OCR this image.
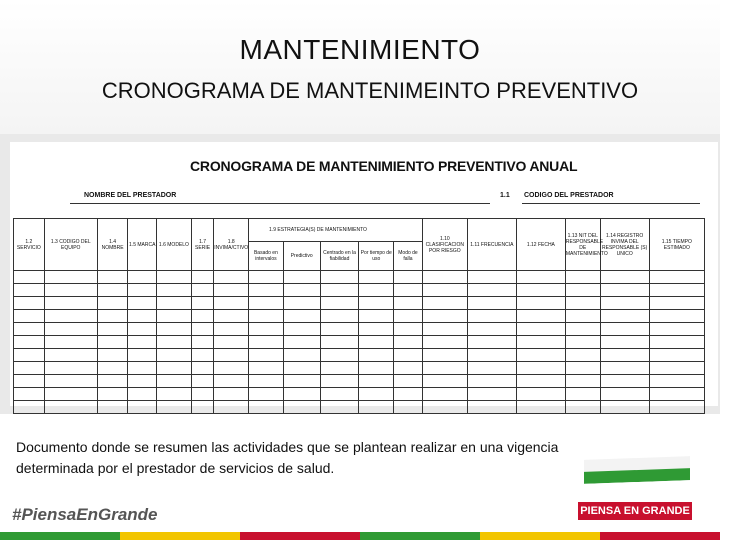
MANTENIMIENTO
CRONOGRAMA DE MANTENIMEINTO PREVENTIVO
CRONOGRAMA DE MANTENIMIENTO PREVENTIVO ANUAL
NOMBRE DEL PRESTADOR	1.1 CODIGO DEL PRESTADOR
1.2 SERVICIO	1.3 CODIGO DEL EQUIPO	1.4 NOMBRE	1.5 MARCA	1.6 MODELO	1.7 SERIE	1.8 INVIMA/CTIVO	1.9 ESTRATEGIA(S) DE MANTENIMIENTO					1.10 CLASIFICACION POR RIESGO	1.11 FRECUENCIA	1.12 FECHA	1.13 NIT DEL RESPONSABLE DE MANTENIMIENTO	1.14 REGISTRO INVIMA DEL RESPONSABLE (S) UNICO	1.15 TIEMPO ESTIMADO
							Basado en intervalos	Predictivo	Centrado en la fiabilidad	Por tiempo de uso	Modo de falla						

Documento donde se resumen las actividades que se plantean realizar en una vigencia determinada por el prestador de servicios de salud.
#PiensaEnGrande	PIENSA EN GRANDE
